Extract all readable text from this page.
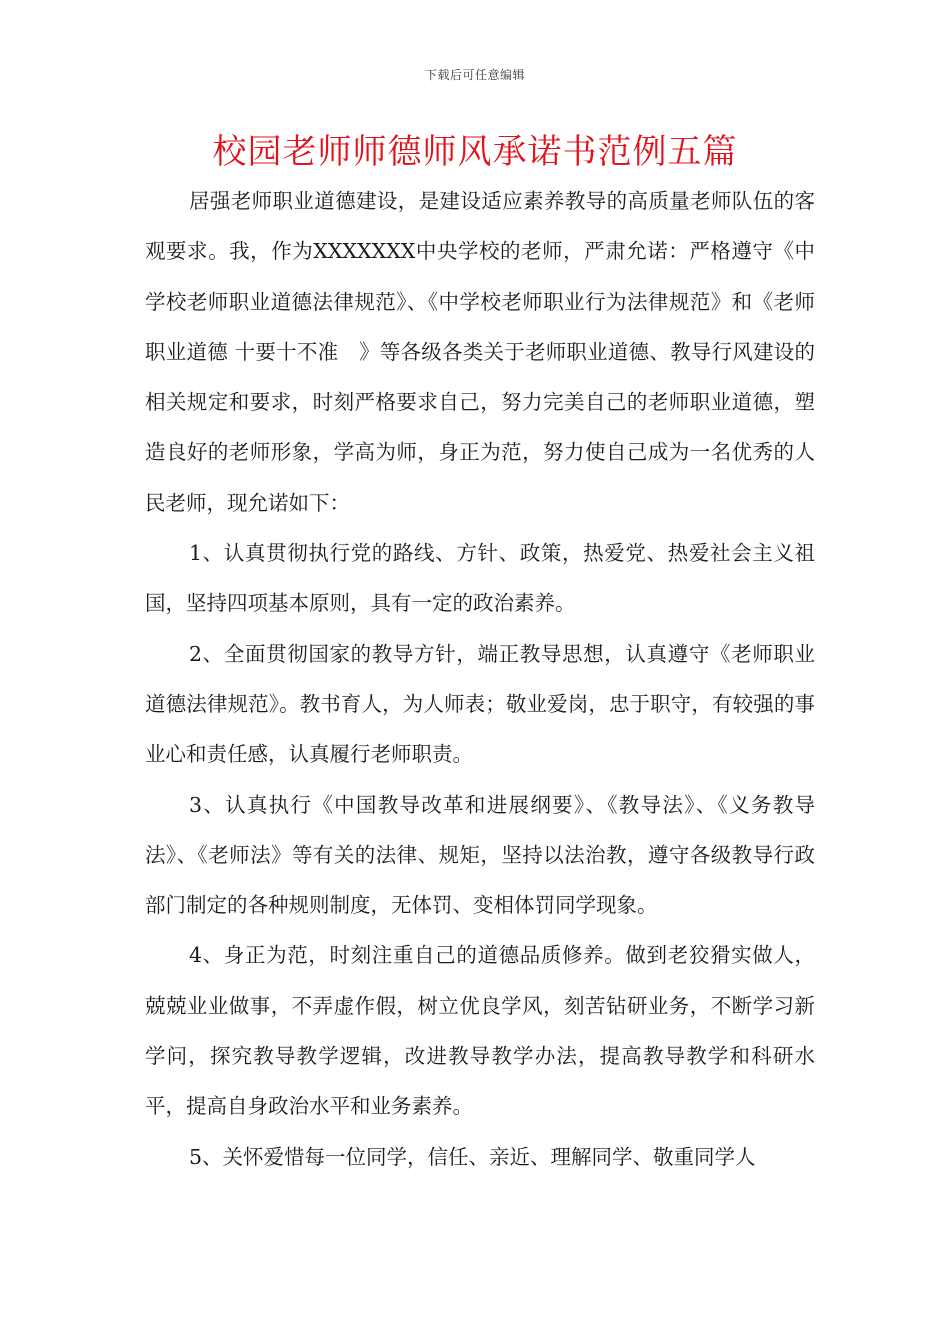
下载后可任意编辑
校园老师师德师风承诺书范例五篇

居强老师职业道德建设，是建设适应素养教导的高质量老师队伍的客观要求。我，作为XXXXXXX中央学校的老师，严肃允诺：严格遵守《中学校老师职业道德法律规范》、《中学校老师职业行为法律规范》和《老师职业道德 十要十不准　》等各级各类关于老师职业道德、教导行风建设的相关规定和要求，时刻严格要求自己，努力完美自己的老师职业道德，塑造良好的老师形象，学高为师，身正为范，努力使自己成为一名优秀的人民老师，现允诺如下：

1、认真贯彻执行党的路线、方针、政策，热爱党、热爱社会主义祖国，坚持四项基本原则，具有一定的政治素养。

2、全面贯彻国家的教导方针，端正教导思想，认真遵守《老师职业道德法律规范》。教书育人，为人师表；敬业爱岗，忠于职守，有较强的事业心和责任感，认真履行老师职责。

3、认真执行《中国教导改革和进展纲要》、《教导法》、《义务教导法》、《老师法》等有关的法律、规矩，坚持以法治教，遵守各级教导行政部门制定的各种规则制度，无体罚、变相体罚同学现象。

4、身正为范，时刻注重自己的道德品质修养。做到老狡猾实做人，兢兢业业做事，不弄虚作假，树立优良学风，刻苦钻研业务，不断学习新学问，探究教导教学逻辑，改进教导教学办法，提高教导教学和科研水平，提高自身政治水平和业务素养。

5、关怀爱惜每一位同学，信任、亲近、理解同学、敬重同学人
